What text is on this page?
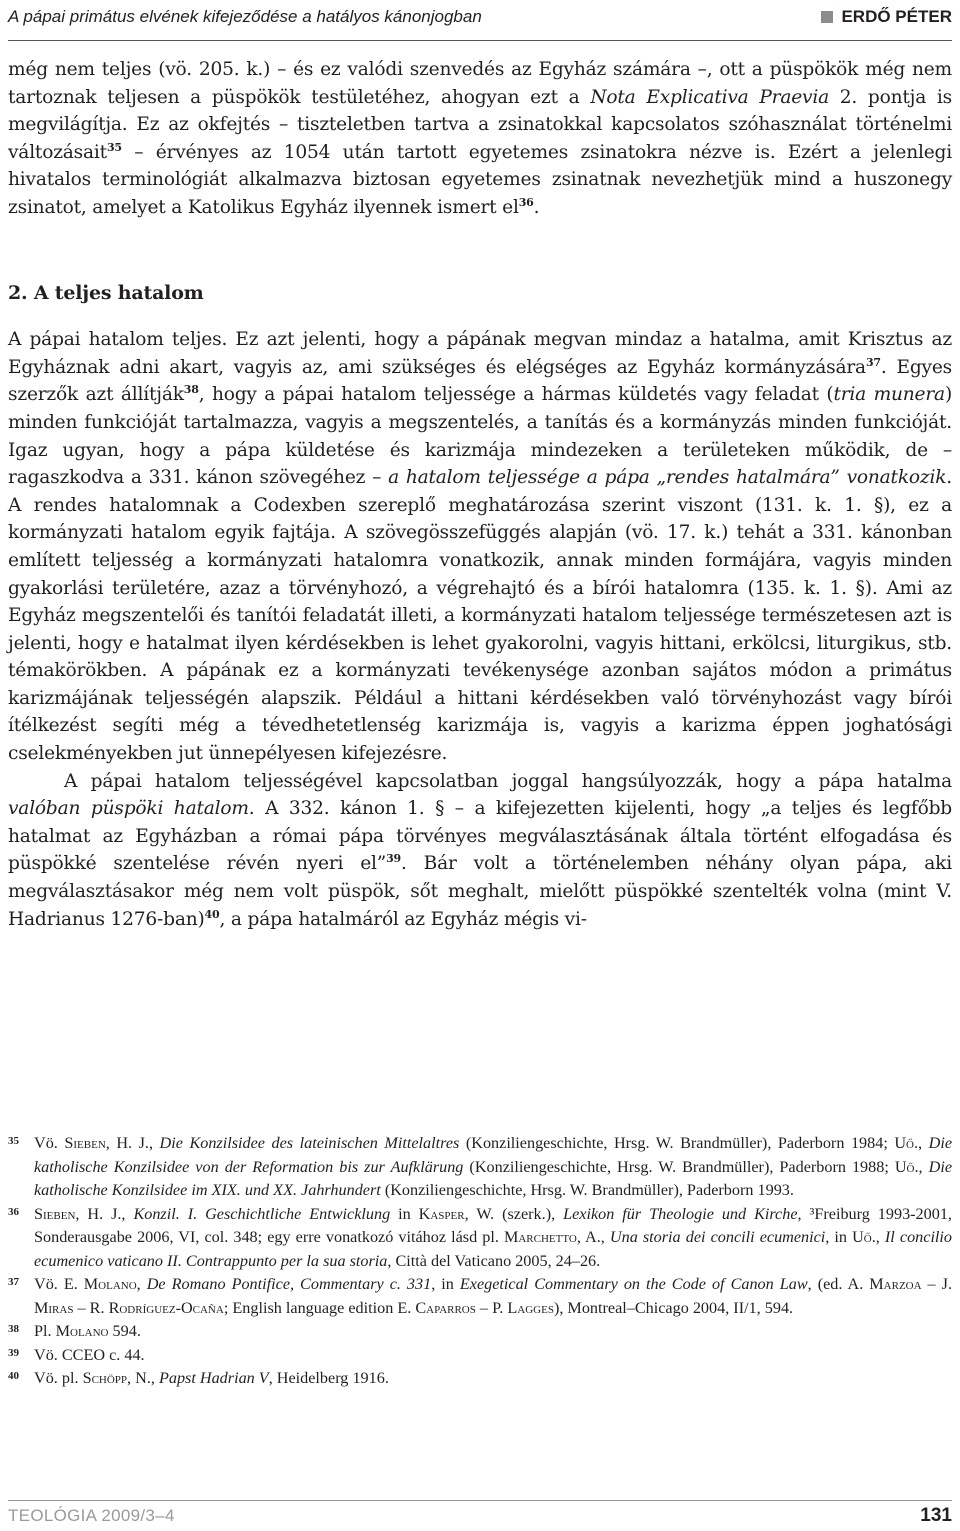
A pápai primátus elvének kifejeződése a hatályos kánonjogban	ERDŐ PÉTER

még nem teljes (vö. 205. k.) – és ez valódi szenvedés az Egyház számára –, ott a püspökök még nem tartoznak teljesen a püspökök testületéhez, ahogyan ezt a Nota Explicativa Praevia 2. pontja is megvilágítja. Ez az okfejtés – tiszteletben tartva a zsinatokkal kapcsolatos szóhasználat történelmi változásait$^{35}$ – érvényes az 1054 után tartott egyetemes zsinatokra nézve is. Ezért a jelenlegi hivatalos terminológiát alkalmazva biztosan egyetemes zsinatnak nevezhetjük mind a huszonegy zsinatot, amelyet a Katolikus Egyház ilyennek ismert $el^{36}$.

2. A teljes hatalom

A pápai hatalom teljes. Ez azt jelenti, hogy a pápának megvan mindaz a hatalma, amit Krisztus az Egyháznak adni akart, vagyis az, ami szükséges és elégséges az Egyház kormányzására$^{37}$. Egyes szerzők azt állítják$^{38}$, hogy a pápai hatalom teljessége a hármas küldetés vagy feladat (tria munera) minden funkcióját tartalmazza, vagyis a megszentelés, a tanítás és a kormányzás minden funkcióját. Igaz ugyan, hogy a pápa küldetése és karizmája mindezeken a területeken működik, de – ragaszkodva a 331. kánon szövegéhez – a hatalom teljessége a pápa „rendes hatalmára” vonatkozik. A rendes hatalomnak a Codexben szereplő meghatározása szerint viszont (131. k. 1. §), ez a kormányzati hatalom egyik fajtája. A szövegösszefüggés alapján (vö. 17. k.) tehát a 331. kánonban említett teljesség a kormányzati hatalomra vonatkozik, annak minden formájára, vagyis minden gyakorlási területére, azaz a törvényhozó, a végrehajtó és a bírói hatalomra (135. k. 1. §). Ami az Egyház megszentelői és tanítói feladatát illeti, a kormányzati hatalom teljessége természetesen azt is jelenti, hogy e hatalmat ilyen kérdésekben is lehet gyakorolni, vagyis hittani, erkölcsi, liturgikus, stb. témakörökben. A pápának ez a kormányzati tevékenysége azonban sajátos módon a primátus karizmájának teljességén alapszik. Például a hittani kérdésekben való törvényhozást vagy bírói ítélkezést segíti még a tévedhetetlenség karizmája is, vagyis a karizma éppen joghatósági cselekményekben jut ünnepélyesen kifejezésre.

A pápai hatalom teljességével kapcsolatban joggal hangsúlyozzák, hogy a pápa hatalma valóban püspöki hatalom. A 332. kánon 1. § – a kifejezetten kijelenti, hogy „a teljes és legfőbb hatalmat az Egyházban a római pápa törvényes megválasztásának általa történt elfogadása és püspökké szentelése révén nyeri el”$^{39}$. Bár volt a történelemben néhány olyan pápa, aki megválasztásakor még nem volt püspök, sőt meghalt, mielőtt püspökké szentelték volna (mint V. Hadrianus 1276-ban)$^{40}$, a pápa hatalmáról az Egyház mégis vi-

35 Vö. Sieben, H. J., Die Konzilsidee des lateinischen Mittelaltres (Konziliengeschichte, Hrsg. W. Brandmüller), Paderborn 1984; Uő., Die katholische Konzilsidee von der Reformation bis zur Aufklärung (Konziliengeschichte, Hrsg. W. Brandmüller), Paderborn 1988; Uő., Die katholische Konzilsidee im XIX. und XX. Jahrhundert (Konziliengeschichte, Hrsg. W. Brandmüller), Paderborn 1993.
36 Sieben, H. J., Konzil. I. Geschichtliche Entwicklung in Kasper, W. (szerk.), Lexikon für Theologie und Kirche, ³Freiburg 1993-2001, Sonderausgabe 2006, VI, col. 348; egy erre vonatkozó vitához lásd pl. Marchetto, A., Una storia dei concili ecumenici, in Uő., Il concilio ecumenico vaticano II. Contrappunto per la sua storia, Città del Vaticano 2005, 24–26.
37 Vö. E. Molano, De Romano Pontifice, Commentary c. 331, in Exegetical Commentary on the Code of Canon Law, (ed. A. Marzoa – J. Miras – R. Rodríguez-Ocaña; English language edition E. Caparros – P. Lagges), Montreal–Chicago 2004, II/1, 594.
38 Pl. Molano 594.
39 Vö. CCEO c. 44.
40 Vö. pl. Schöpp, N., Papst Hadrian V, Heidelberg 1916.
TEOLÓGIA 2009/3–4	131
